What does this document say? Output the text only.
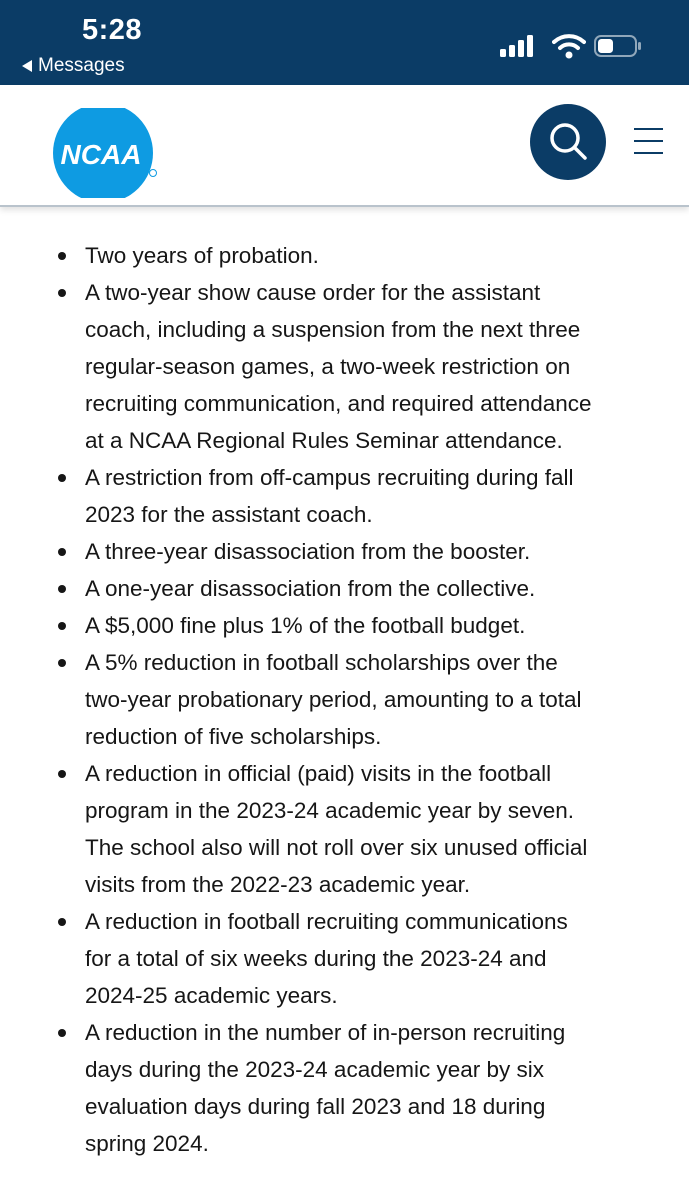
Two years of probation.
A two-year show cause order for the assistant
coach, including a suspension from the next three
regular-season games, a two-week restriction on
recruiting communication, and required attendance
at a NCAA Regional Rules Seminar attendance.
A restriction from off-campus recruiting during fall
2023 for the assistant coach.
A three-year disassociation from the booster.
A one-year disassociation from the collective.
A $5,000 fine plus 1% of the football budget.
A 5% reduction in football scholarships over the
two-year probationary period, amounting to a total
reduction of five scholarships.
A reduction in official (paid) visits in the football
program in the 2023-24 academic year by seven.
The school also will not roll over six unused official
visits from the 2022-23 academic year.
A reduction in football recruiting communications
for a total of six weeks during the 2023-24 and
2024-25 academic years.
A reduction in the number of in-person recruiting
days during the 2023-24 academic year by six
evaluation days during fall 2023 and 18 during
spring 2024.
5:28
Messages
NCAA
